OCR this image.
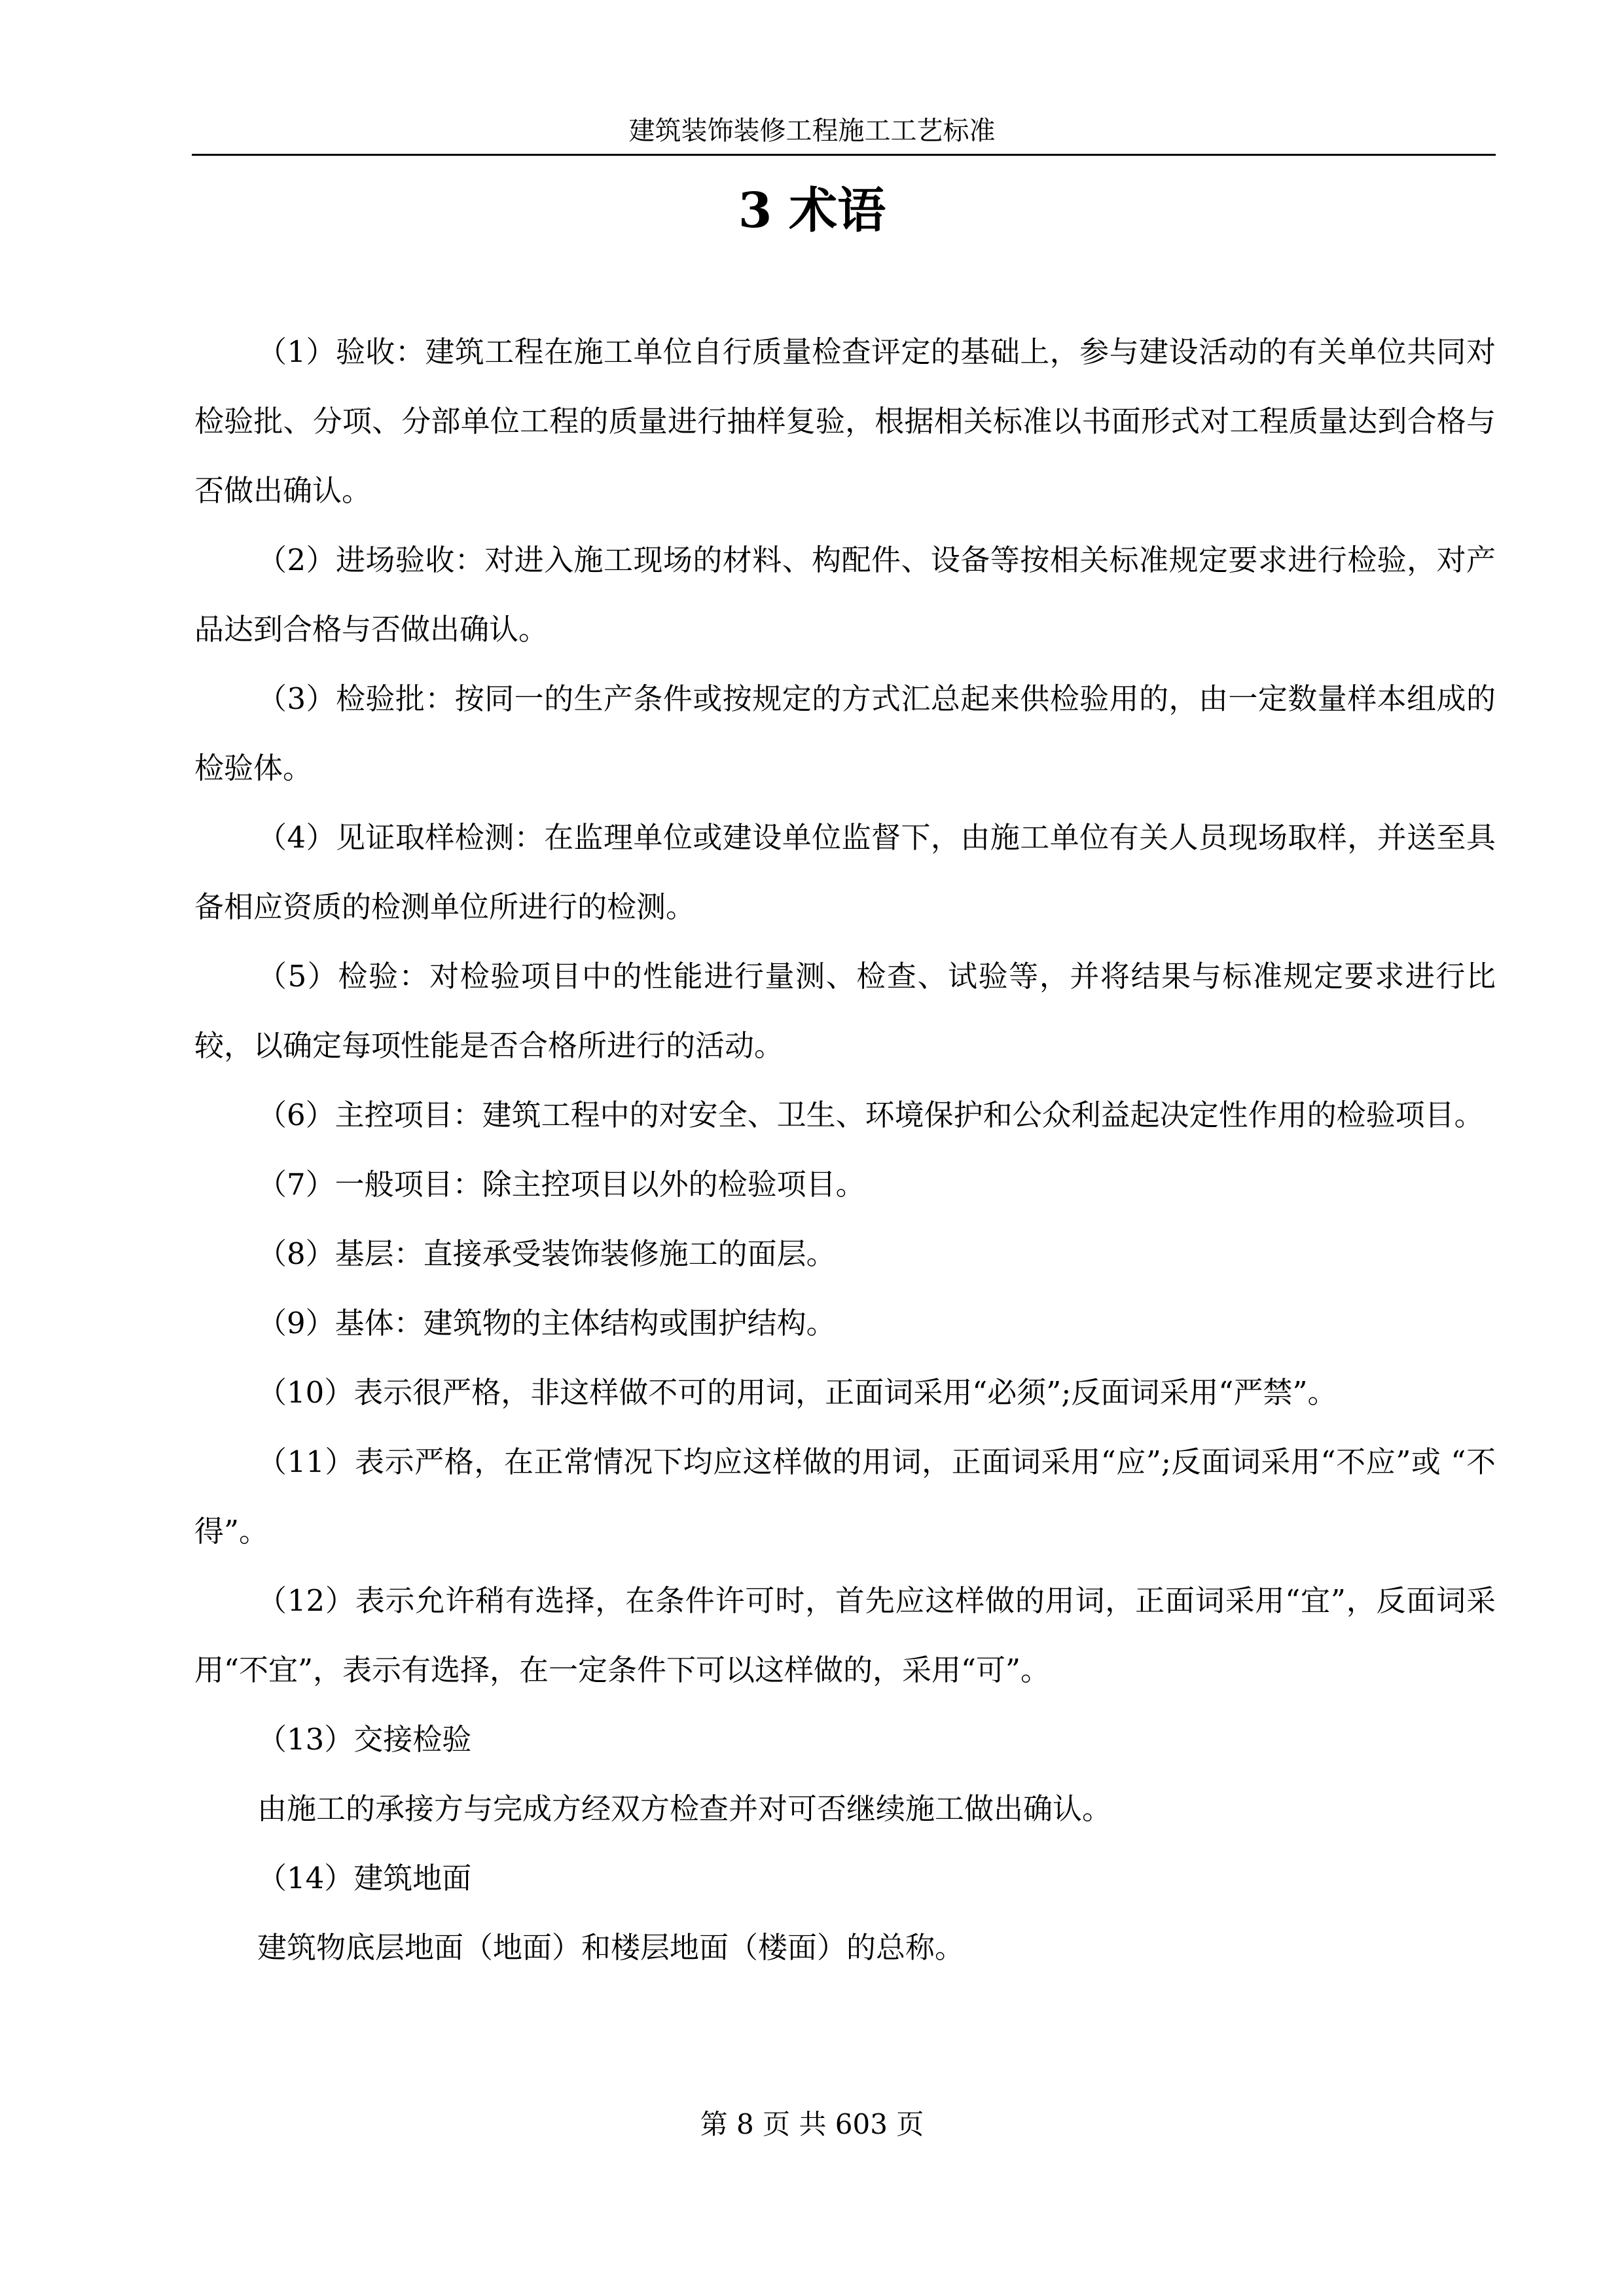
建筑装饰装修工程施工工艺标准
3 术语

（1）验收：建筑工程在施工单位自行质量检查评定的基础上，参与建设活动的有关单位共同对检验批、分项、分部单位工程的质量进行抽样复验，根据相关标准以书面形式对工程质量达到合格与否做出确认。

（2）进场验收：对进入施工现场的材料、构配件、设备等按相关标准规定要求进行检验，对产品达到合格与否做出确认。

（3）检验批：按同一的生产条件或按规定的方式汇总起来供检验用的，由一定数量样本组成的检验体。

（4）见证取样检测：在监理单位或建设单位监督下，由施工单位有关人员现场取样，并送至具备相应资质的检测单位所进行的检测。

（5）检验：对检验项目中的性能进行量测、检查、试验等，并将结果与标准规定要求进行比较，以确定每项性能是否合格所进行的活动。

（6）主控项目：建筑工程中的对安全、卫生、环境保护和公众利益起决定性作用的检验项目。

（7）一般项目：除主控项目以外的检验项目。

（8）基层：直接承受装饰装修施工的面层。

（9）基体：建筑物的主体结构或围护结构。

（10）表示很严格，非这样做不可的用词，正面词采用“必须”;反面词采用“严禁”。

（11）表示严格，在正常情况下均应这样做的用词，正面词采用“应”;反面词采用“不应”或 “不得”。

（12）表示允许稍有选择，在条件许可时，首先应这样做的用词，正面词采用“宜”，反面词采用“不宜”，表示有选择，在一定条件下可以这样做的，采用“可”。

（13）交接检验

由施工的承接方与完成方经双方检查并对可否继续施工做出确认。

（14）建筑地面

建筑物底层地面（地面）和楼层地面（楼面）的总称。

第 8 页 共 603 页
